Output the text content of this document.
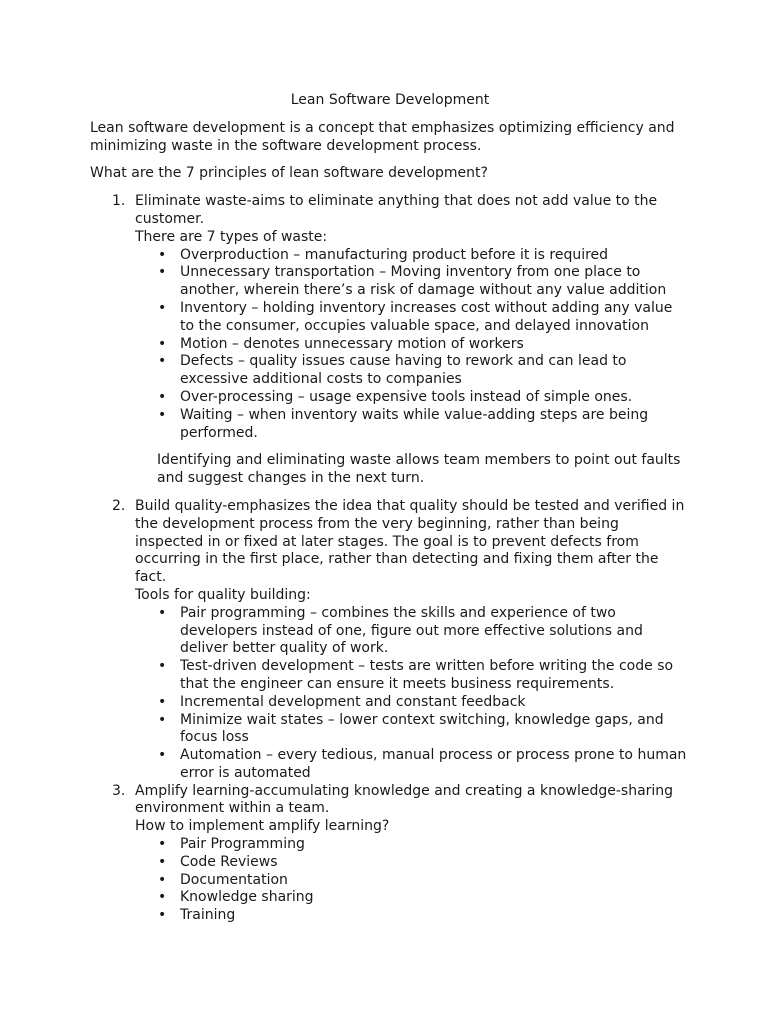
Lean Software Development

Lean software development is a concept that emphasizes optimizing efficiency and minimizing waste in the software development process.

What are the 7 principles of lean software development?

1. Eliminate waste-aims to eliminate anything that does not add value to the customer.
There are 7 types of waste:
• Overproduction – manufacturing product before it is required
• Unnecessary transportation – Moving inventory from one place to another, wherein there’s a risk of damage without any value addition
• Inventory – holding inventory increases cost without adding any value to the consumer, occupies valuable space, and delayed innovation
• Motion – denotes unnecessary motion of workers
• Defects – quality issues cause having to rework and can lead to excessive additional costs to companies
• Over-processing – usage expensive tools instead of simple ones.
• Waiting – when inventory waits while value-adding steps are being performed.

Identifying and eliminating waste allows team members to point out faults and suggest changes in the next turn.

2. Build quality-emphasizes the idea that quality should be tested and verified in the development process from the very beginning, rather than being inspected in or fixed at later stages. The goal is to prevent defects from occurring in the first place, rather than detecting and fixing them after the fact.
Tools for quality building:
• Pair programming – combines the skills and experience of two developers instead of one, figure out more effective solutions and deliver better quality of work.
• Test-driven development – tests are written before writing the code so that the engineer can ensure it meets business requirements.
• Incremental development and constant feedback
• Minimize wait states – lower context switching, knowledge gaps, and focus loss
• Automation – every tedious, manual process or process prone to human error is automated
3. Amplify learning-accumulating knowledge and creating a knowledge-sharing environment within a team.
How to implement amplify learning?
• Pair Programming
• Code Reviews
• Documentation
• Knowledge sharing
• Training
